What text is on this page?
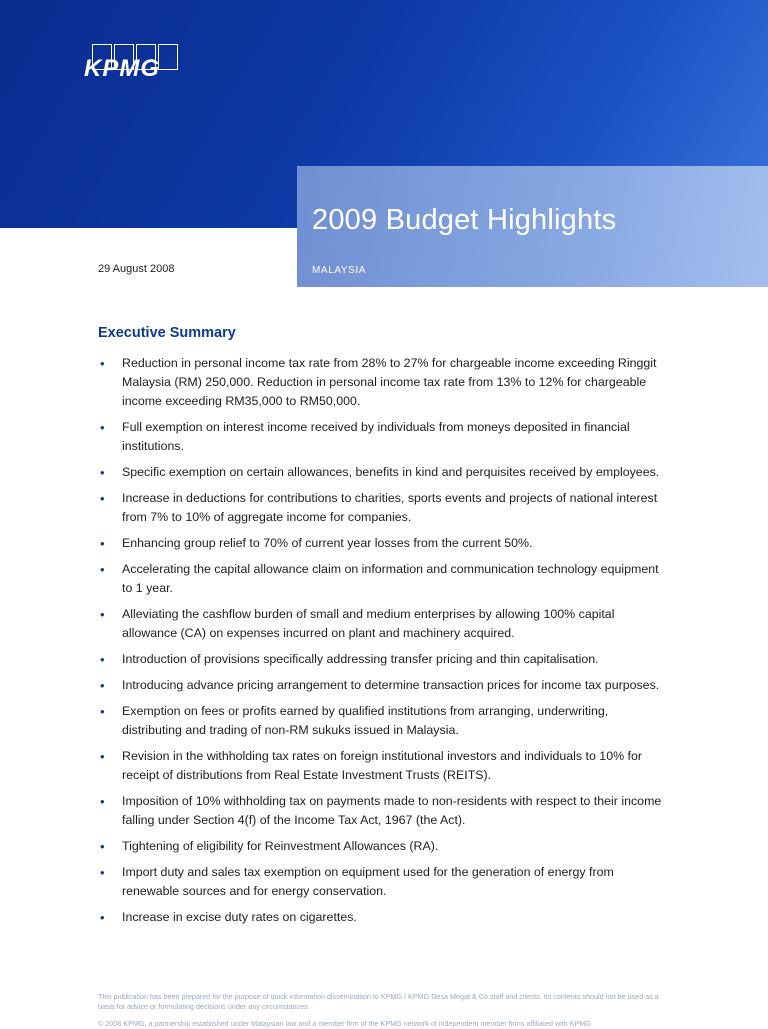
KPMG
2009 Budget Highlights
MALAYSIA
29 August 2008
Executive Summary
• Reduction in personal income tax rate from 28% to 27% for chargeable income exceeding Ringgit Malaysia (RM) 250,000. Reduction in personal income tax rate from 13% to 12% for chargeable income exceeding RM35,000 to RM50,000.
• Full exemption on interest income received by individuals from moneys deposited in financial institutions.
• Specific exemption on certain allowances, benefits in kind and perquisites received by employees.
• Increase in deductions for contributions to charities, sports events and projects of national interest from 7% to 10% of aggregate income for companies.
• Enhancing group relief to 70% of current year losses from the current 50%.
• Accelerating the capital allowance claim on information and communication technology equipment to 1 year.
• Alleviating the cashflow burden of small and medium enterprises by allowing 100% capital allowance (CA) on expenses incurred on plant and machinery acquired.
• Introduction of provisions specifically addressing transfer pricing and thin capitalisation.
• Introducing advance pricing arrangement to determine transaction prices for income tax purposes.
• Exemption on fees or profits earned by qualified institutions from arranging, underwriting, distributing and trading of non-RM sukuks issued in Malaysia.
• Revision in the withholding tax rates on foreign institutional investors and individuals to 10% for receipt of distributions from Real Estate Investment Trusts (REITS).
• Imposition of 10% withholding tax on payments made to non-residents with respect to their income falling under Section 4(f) of the Income Tax Act, 1967 (the Act).
• Tightening of eligibility for Reinvestment Allowances (RA).
• Import duty and sales tax exemption on equipment used for the generation of energy from renewable sources and for energy conservation.
• Increase in excise duty rates on cigarettes.
This publication has been prepared for the purpose of quick information dissemination to KPMG / KPMG Desa Megat & Co staff and clients. Its contents should not be used as a basis for advice or formulating decisions under any circumstances.
© 2008 KPMG, a partnership established under Malaysian law and a member firm of the KPMG network of independent member firms affiliated with KPMG
